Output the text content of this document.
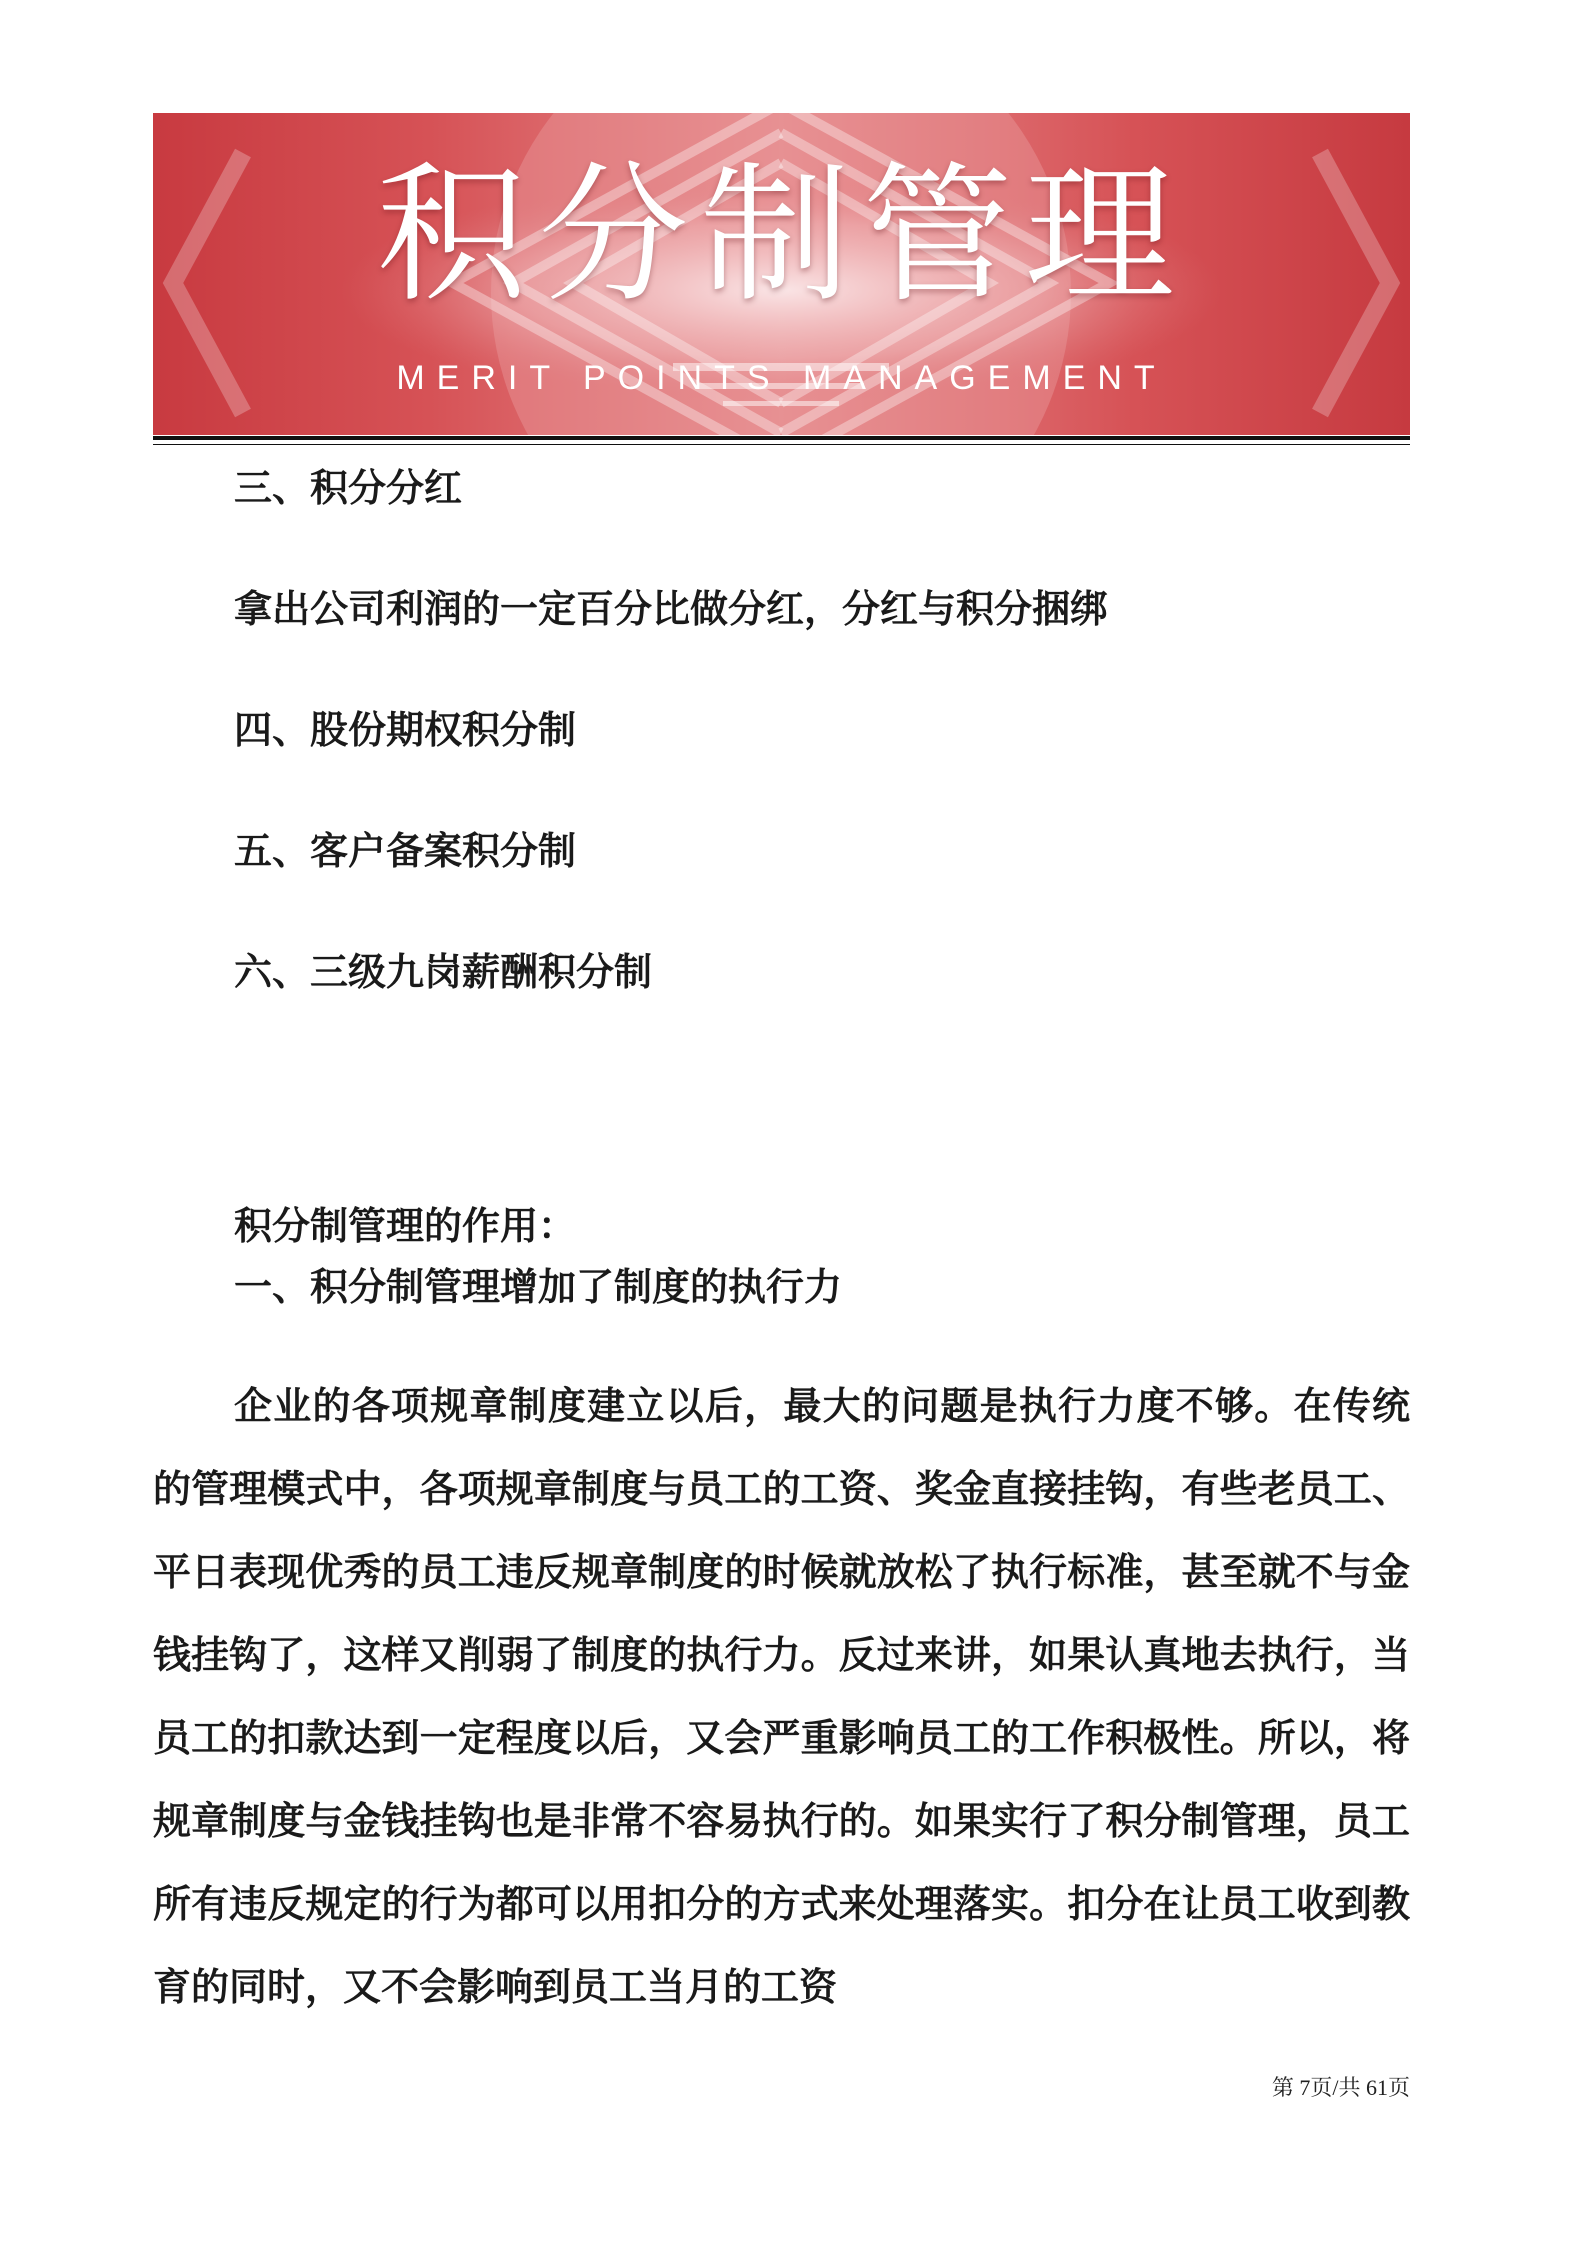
积分制管理
MERIT POINTS MANAGEMENT
三、积分分红
拿出公司利润的一定百分比做分红，分红与积分捆绑
四、股份期权积分制
五、客户备案积分制
六、三级九岗薪酬积分制
积分制管理的作用：
一、积分制管理增加了制度的执行力
企业的各项规章制度建立以后，最大的问题是执行力度不够。在传统的管理模式中，各项规章制度与员工的工资、奖金直接挂钩，有些老员工、平日表现优秀的员工违反规章制度的时候就放松了执行标准，甚至就不与金钱挂钩了，这样又削弱了制度的执行力。反过来讲，如果认真地去执行，当员工的扣款达到一定程度以后，又会严重影响员工的工作积极性。所以，将规章制度与金钱挂钩也是非常不容易执行的。如果实行了积分制管理，员工所有违反规定的行为都可以用扣分的方式来处理落实。扣分在让员工收到教育的同时，又不会影响到员工当月的工资
第 7页/共 61页
